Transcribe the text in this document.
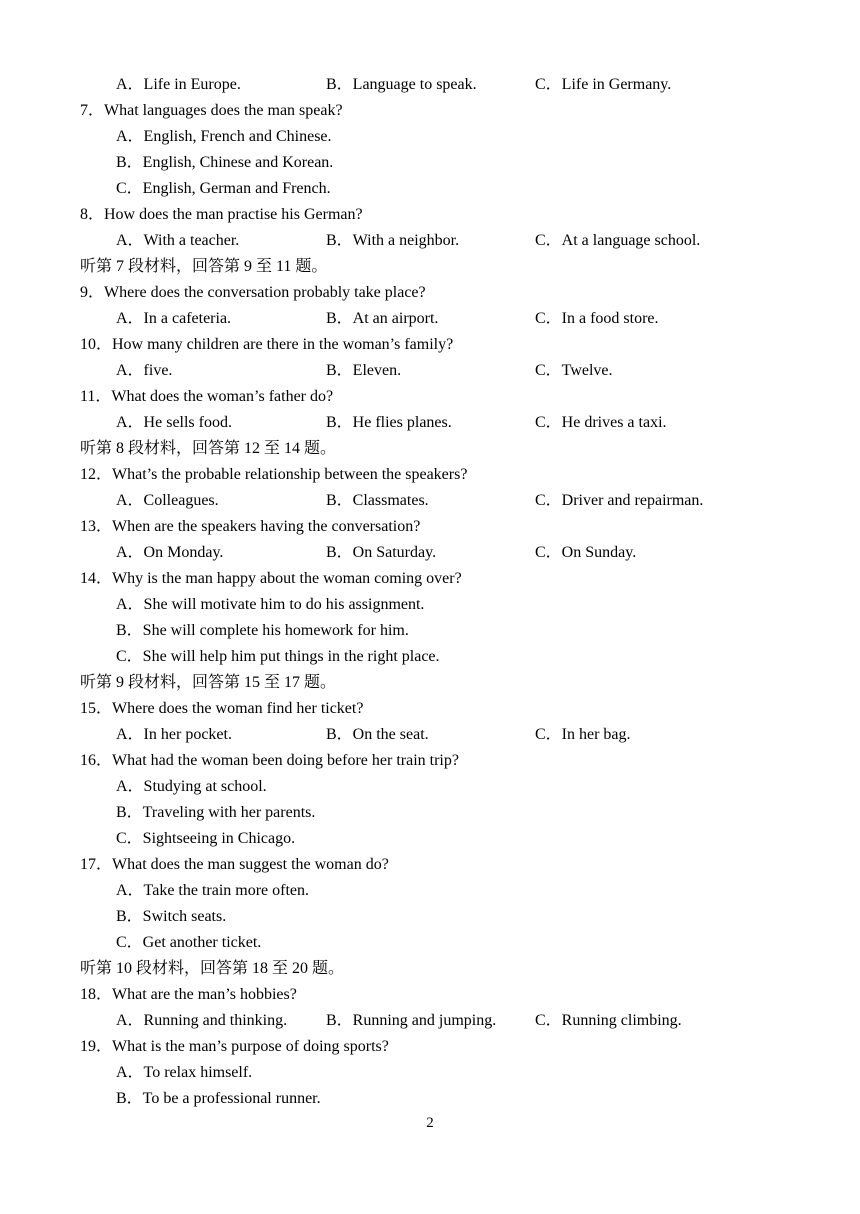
A．Life in Europe.	B．Language to speak.	C．Life in Germany.
7．What languages does the man speak?
A．English, French and Chinese.
B．English, Chinese and Korean.
C．English, German and French.
8．How does the man practise his German?
A．With a teacher.	B．With a neighbor.	C．At a language school.
听第 7 段材料，回答第 9 至 11 题。
9．Where does the conversation probably take place?
A．In a cafeteria.	B．At an airport.	C．In a food store.
10．How many children are there in the woman’s family?
A．five.	B．Eleven.	C．Twelve.
11．What does the woman’s father do?
A．He sells food.	B．He flies planes.	C．He drives a taxi.
听第 8 段材料，回答第 12 至 14 题。
12．What’s the probable relationship between the speakers?
A．Colleagues.	B．Classmates.	C．Driver and repairman.
13．When are the speakers having the conversation?
A．On Monday.	B．On Saturday.	C．On Sunday.
14．Why is the man happy about the woman coming over?
A．She will motivate him to do his assignment.
B．She will complete his homework for him.
C．She will help him put things in the right place.
听第 9 段材料，回答第 15 至 17 题。
15．Where does the woman find her ticket?
A．In her pocket.	B．On the seat.	C．In her bag.
16．What had the woman been doing before her train trip?
A．Studying at school.
B．Traveling with her parents.
C．Sightseeing in Chicago.
17．What does the man suggest the woman do?
A．Take the train more often.
B．Switch seats.
C．Get another ticket.
听第 10 段材料，回答第 18 至 20 题。
18．What are the man’s hobbies?
A．Running and thinking. B．Running and jumping. C．Running climbing.
19．What is the man’s purpose of doing sports?
A．To relax himself.
B．To be a professional runner.
2
